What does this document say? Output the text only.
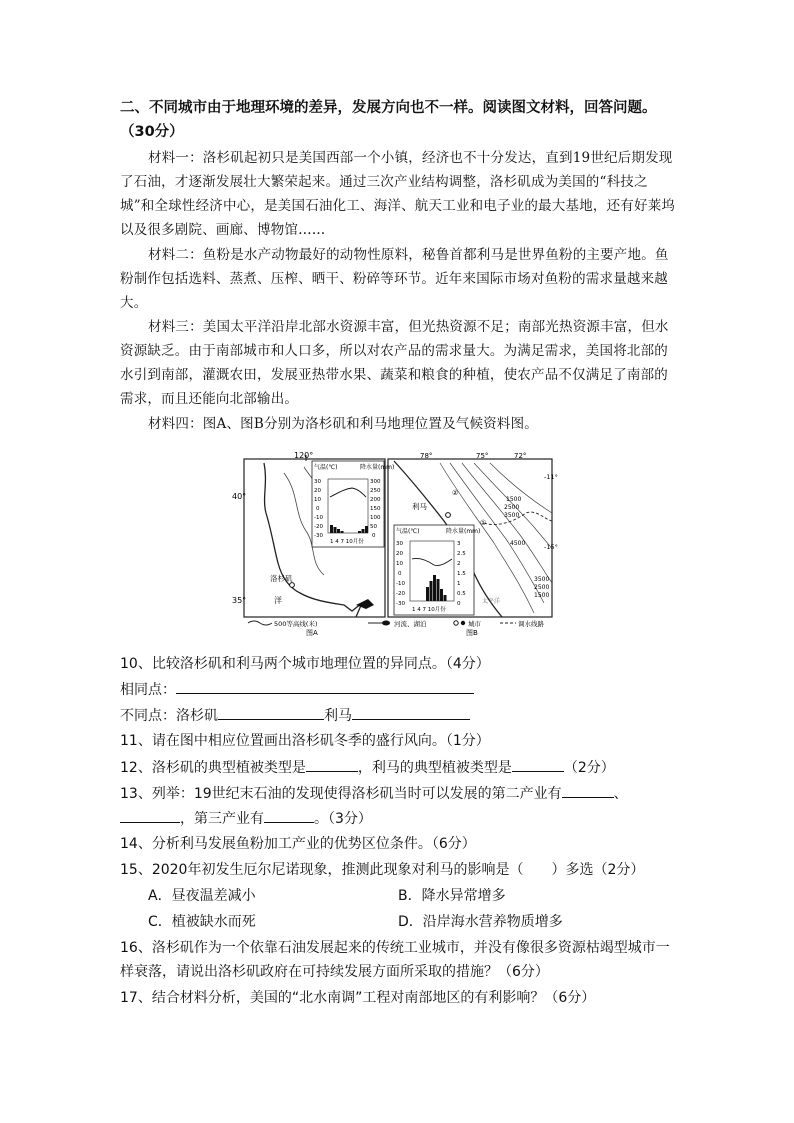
二、不同城市由于地理环境的差异，发展方向也不一样。阅读图文材料，回答问题。（30分）
材料一：洛杉矶起初只是美国西部一个小镇，经济也不十分发达，直到19世纪后期发现了石油，才逐渐发展壮大繁荣起来。通过三次产业结构调整，洛杉矶成为美国的“科技之城”和全球性经济中心，是美国石油化工、海洋、航天工业和电子业的最大基地，还有好莱坞以及很多剧院、画廊、博物馆……
材料二：鱼粉是水产动物最好的动物性原料，秘鲁首都利马是世界鱼粉的主要产地。鱼粉制作包括选料、蒸煮、压榨、晒干、粉碎等环节。近年来国际市场对鱼粉的需求量越来越大。
材料三：美国太平洋沿岸北部水资源丰富，但光热资源不足；南部光热资源丰富，但水资源缺乏。由于南部城市和人口多，所以对农产品的需求量大。为满足需求，美国将北部的水引到南部，灌溉农田，发展亚热带水果、蔬菜和粮食的种植，使农产品不仅满足了南部的需求，而且还能向北部输出。
材料四：图A、图B分别为洛杉矶和利马地理位置及气候资料图。
120°
40°
35°
洛杉矶
洋
气温(℃)	降水量(mm)
30
20
10
0
-10
-20
-30
300
250
200
150
100
50
0
1 4 7 10月份
图A
78°	75°	72°
-11°
-15°
利马
②
①
1500
2500
3500
4500
3500
2500
1500
太平洋
气温(℃)	降水量(mm)
30
20
10
0
-10
-20
-30
3
2.5
2
1.5
1
0.5
0
1 4 7 10月份
图B
500等高线(米)	河流、湖泊	城市	调水线路
10、比较洛杉矶和利马两个城市地理位置的异同点。（4分）
相同点：
不同点：洛杉矶	利马
11、请在图中相应位置画出洛杉矶冬季的盛行风向。（1分）
12、洛杉矶的典型植被类型是	，利马的典型植被类型是	（2分）
13、列举：19世纪末石油的发现使得洛杉矶当时可以发展的第二产业有	、
，第三产业有	。（3分）
14、分析利马发展鱼粉加工产业的优势区位条件。（6分）
15、2020年初发生厄尔尼诺现象，推测此现象对利马的影响是（　　）多选（2分）
A．昼夜温差减小	B．降水异常增多
C．植被缺水而死	D．沿岸海水营养物质增多
16、洛杉矶作为一个依靠石油发展起来的传统工业城市，并没有像很多资源枯竭型城市一样衰落，请说出洛杉矶政府在可持续发展方面所采取的措施？（6分）
17、结合材料分析，美国的“北水南调”工程对南部地区的有利影响？（6分）
